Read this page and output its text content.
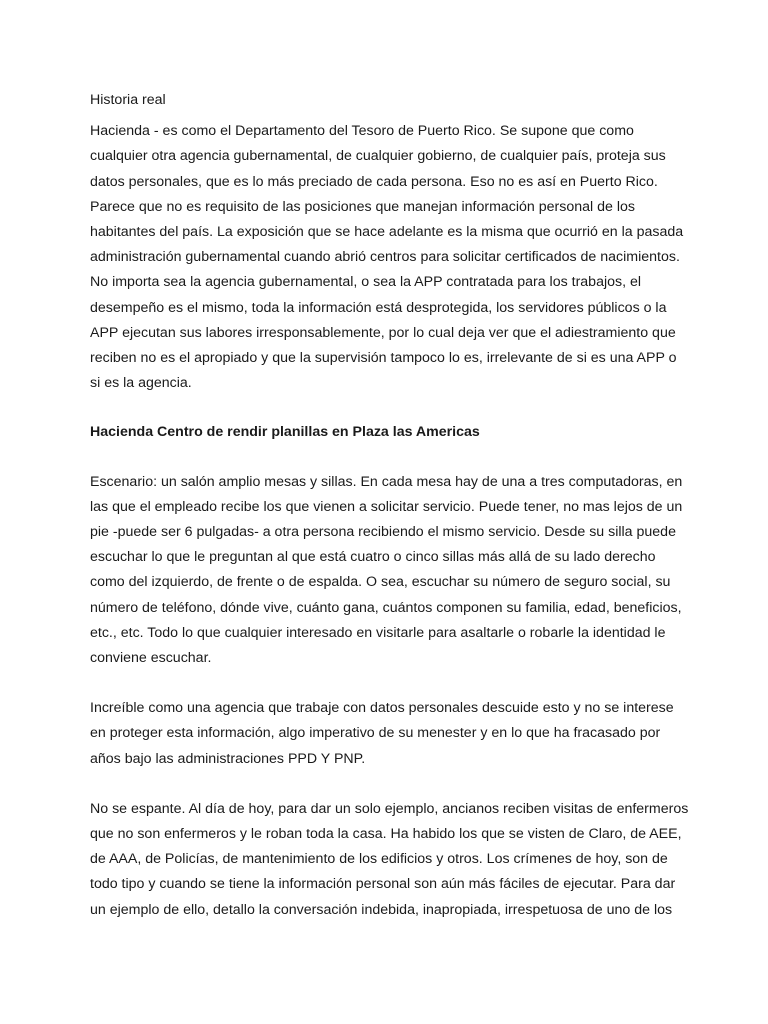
Historia real

Hacienda - es como el Departamento del Tesoro de Puerto Rico. Se supone que como cualquier otra agencia gubernamental, de cualquier gobierno, de cualquier país, proteja sus datos personales, que es lo más preciado de cada persona. Eso no es así en Puerto Rico. Parece que no es requisito de las posiciones que manejan información personal de los habitantes del país. La exposición que se hace adelante es la misma que ocurrió en la pasada administración gubernamental cuando abrió centros para solicitar certificados de nacimientos. No importa sea la agencia gubernamental, o sea la APP contratada para los trabajos, el desempeño es el mismo, toda la información está desprotegida, los servidores públicos o la APP ejecutan sus labores irresponsablemente, por lo cual deja ver que el adiestramiento que reciben no es el apropiado y que la supervisión tampoco lo es, irrelevante de si es una APP o si es la agencia.

Hacienda Centro de rendir planillas en Plaza las Americas

Escenario: un salón amplio mesas y sillas. En cada mesa hay de una a tres computadoras, en las que el empleado recibe los que vienen a solicitar servicio. Puede tener, no mas lejos de un pie -puede ser 6 pulgadas- a otra persona recibiendo el mismo servicio. Desde su silla puede escuchar lo que le preguntan al que está cuatro o cinco sillas más allá de su lado derecho como del izquierdo, de frente o de espalda. O sea, escuchar su número de seguro social, su número de teléfono, dónde vive, cuánto gana, cuántos componen su familia, edad, beneficios, etc., etc. Todo lo que cualquier interesado en visitarle para asaltarle o robarle la identidad le conviene escuchar.

Increíble como una agencia que trabaje con datos personales descuide esto y no se interese en proteger esta información, algo imperativo de su menester y en lo que ha fracasado por años bajo las administraciones PPD Y PNP.

No se espante. Al día de hoy, para dar un solo ejemplo, ancianos reciben visitas de enfermeros que no son enfermeros y le roban toda la casa. Ha habido los que se visten de Claro, de AEE, de AAA, de Policías, de mantenimiento de los edificios y otros. Los crímenes de hoy, son de todo tipo y cuando se tiene la información personal son aún más fáciles de ejecutar. Para dar un ejemplo de ello, detallo la conversación indebida, inapropiada, irrespetuosa de uno de los
